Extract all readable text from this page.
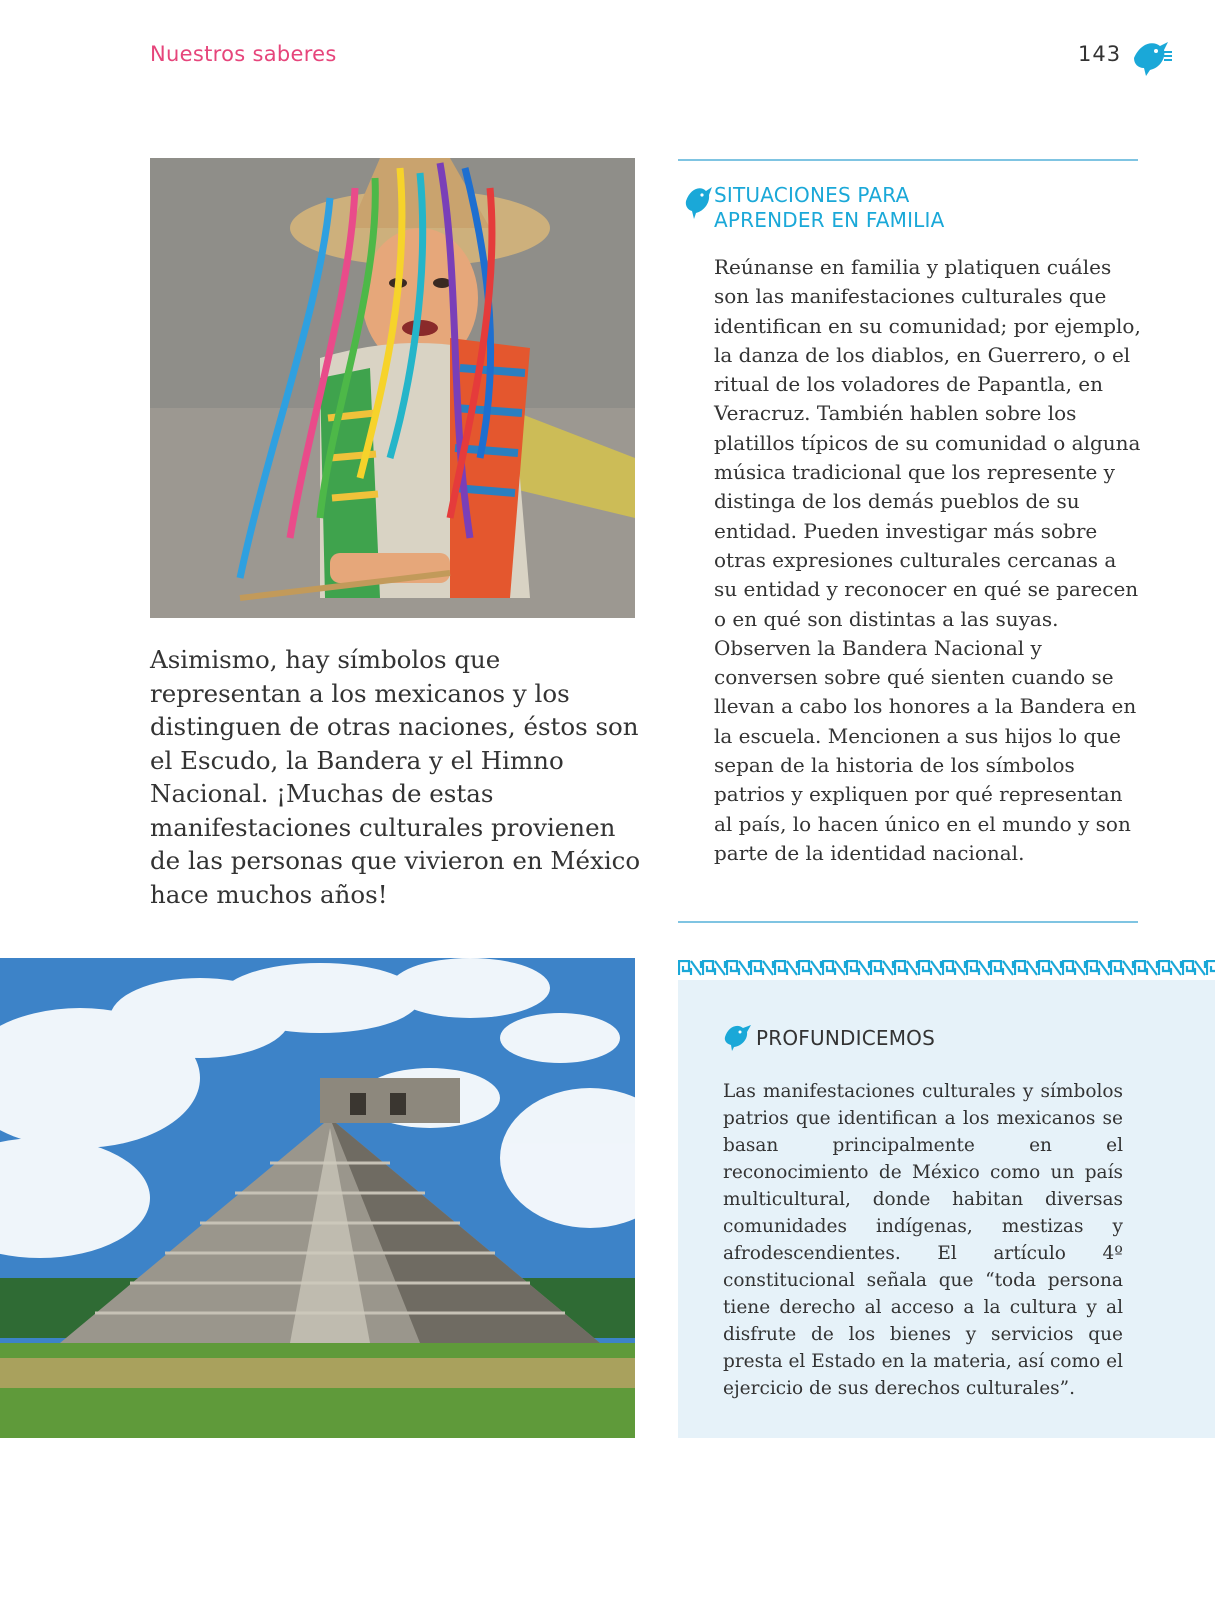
Nuestros saberes	143
Asimismo, hay símbolos que representan a los mexicanos y los distinguen de otras naciones, éstos son el Escudo, la Bandera y el Himno Nacional. ¡Muchas de estas manifestaciones culturales provienen de las personas que vivieron en México hace muchos años!
SITUACIONES PARA
APRENDER EN FAMILIA
Reúnanse en familia y platiquen cuáles son las manifestaciones culturales que identifican en su comunidad; por ejemplo, la danza de los diablos, en Guerrero, o el ritual de los voladores de Papantla, en Veracruz. También hablen sobre los platillos típicos de su comunidad o alguna música tradicional que los represente y distinga de los demás pueblos de su entidad. Pueden investigar más sobre otras expresiones culturales cercanas a su entidad y reconocer en qué se parecen o en qué son distintas a las suyas. Observen la Bandera Nacional y conversen sobre qué sienten cuando se llevan a cabo los honores a la Bandera en la escuela. Mencionen a sus hijos lo que sepan de la historia de los símbolos patrios y expliquen por qué representan al país, lo hacen único en el mundo y son parte de la identidad nacional.
PROFUNDICEMOS
Las manifestaciones culturales y símbolos patrios que identifican a los mexicanos se basan principalmente en el reconocimiento de México como un país multicultural, donde habitan diversas comunidades indígenas, mestizas y afrodescendientes. El artículo 4º constitucional señala que “toda persona tiene derecho al acceso a la cultura y al disfrute de los bienes y servicios que presta el Estado en la materia, así como el ejercicio de sus derechos culturales”.
